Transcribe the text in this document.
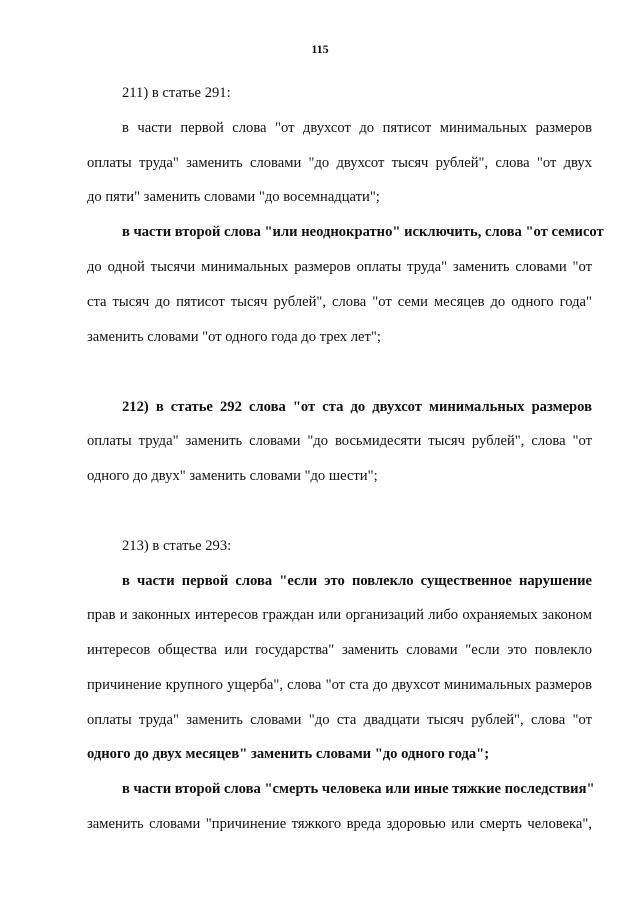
115
211) в статье 291:
в части первой слова "от двухсот до пятисот минимальных размеров
оплаты труда" заменить словами "до двухсот тысяч рублей", слова "от двух
до пяти" заменить словами "до восемнадцати";
в части второй слова "или неоднократно" исключить, слова "от семисот
до одной тысячи минимальных размеров оплаты труда" заменить словами "от
ста тысяч до пятисот тысяч рублей", слова "от семи месяцев до одного года"
заменить словами "от одного года до трех лет";
212) в статье 292 слова "от ста до двухсот минимальных размеров
оплаты труда" заменить словами "до восьмидесяти тысяч рублей", слова "от
одного до двух" заменить словами "до шести";
213) в статье 293:
в части первой слова "если это повлекло существенное нарушение
прав и законных интересов граждан или организаций либо охраняемых законом
интересов общества или государства" заменить словами "если это повлекло
причинение крупного ущерба", слова "от ста до двухсот минимальных размеров
оплаты труда" заменить словами "до ста двадцати тысяч рублей", слова "от
одного до двух месяцев" заменить словами "до одного года";
в части второй слова "смерть человека или иные тяжкие последствия"
заменить словами "причинение тяжкого вреда здоровью или смерть человека",
